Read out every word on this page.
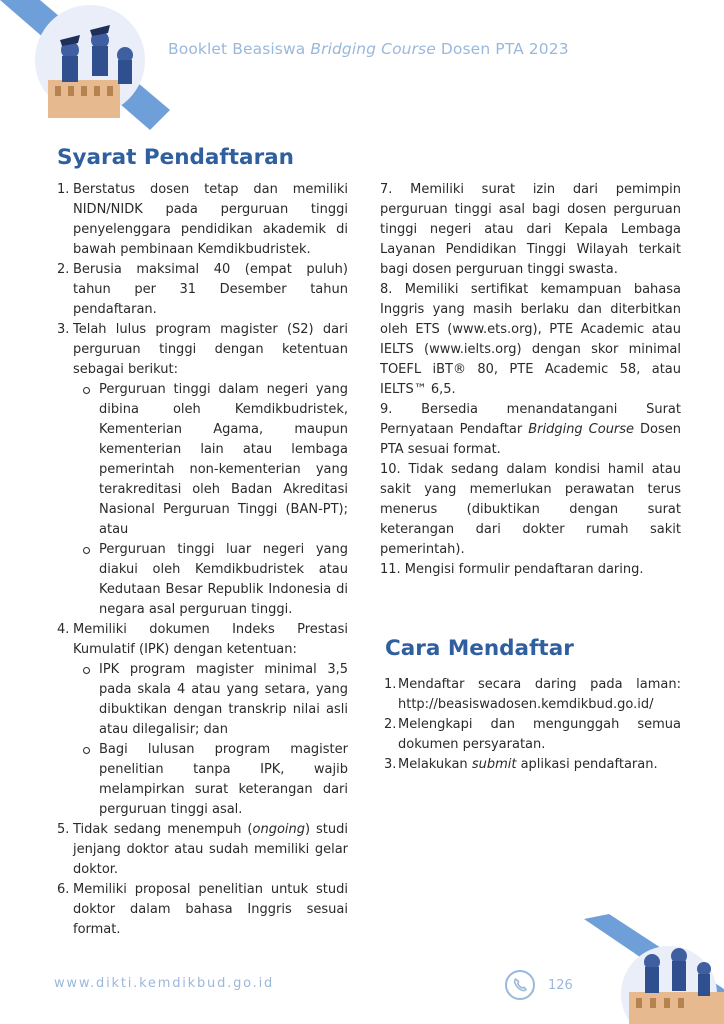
Booklet Beasiswa Bridging Course Dosen PTA 2023
Syarat Pendaftaran
1. Berstatus dosen tetap dan memiliki NIDN/NIDK pada perguruan tinggi penyelenggara pendidikan akademik di bawah pembinaan Kemdikbudristek.
2. Berusia maksimal 40 (empat puluh) tahun per 31 Desember tahun pendaftaran.
3. Telah lulus program magister (S2) dari perguruan tinggi dengan ketentuan sebagai berikut:
Perguruan tinggi dalam negeri yang dibina oleh Kemdikbudristek, Kementerian Agama, maupun kementerian lain atau lembaga pemerintah non-kementerian yang terakreditasi oleh Badan Akreditasi Nasional Perguruan Tinggi (BAN-PT); atau
Perguruan tinggi luar negeri yang diakui oleh Kemdikbudristek atau Kedutaan Besar Republik Indonesia di negara asal perguruan tinggi.
4. Memiliki dokumen Indeks Prestasi Kumulatif (IPK) dengan ketentuan:
IPK program magister minimal 3,5 pada skala 4 atau yang setara, yang dibuktikan dengan transkrip nilai asli atau dilegalisir; dan
Bagi lulusan program magister penelitian tanpa IPK, wajib melampirkan surat keterangan dari perguruan tinggi asal.
5. Tidak sedang menempuh (ongoing) studi jenjang doktor atau sudah memiliki gelar doktor.
6. Memiliki proposal penelitian untuk studi doktor dalam bahasa Inggris sesuai format.

7. Memiliki surat izin dari pemimpin perguruan tinggi asal bagi dosen perguruan tinggi negeri atau dari Kepala Lembaga Layanan Pendidikan Tinggi Wilayah terkait bagi dosen perguruan tinggi swasta.

8. Memiliki sertifikat kemampuan bahasa Inggris yang masih berlaku dan diterbitkan oleh ETS (www.ets.org), PTE Academic atau IELTS (www.ielts.org) dengan skor minimal TOEFL iBT® 80, PTE Academic 58, atau IELTS™ 6,5.

9. Bersedia menandatangani Surat Pernyataan Pendaftar Bridging Course Dosen PTA sesuai format.

10. Tidak sedang dalam kondisi hamil atau sakit yang memerlukan perawatan terus menerus (dibuktikan dengan surat keterangan dari dokter rumah sakit pemerintah).

11. Mengisi formulir pendaftaran daring.

Cara Mendaftar
1. Mendaftar secara daring pada laman: http://beasiswadosen.kemdikbud.go.id/
2. Melengkapi dan mengunggah semua dokumen persyaratan.
3. Melakukan submit aplikasi pendaftaran.
www.dikti.kemdikbud.go.id	126
